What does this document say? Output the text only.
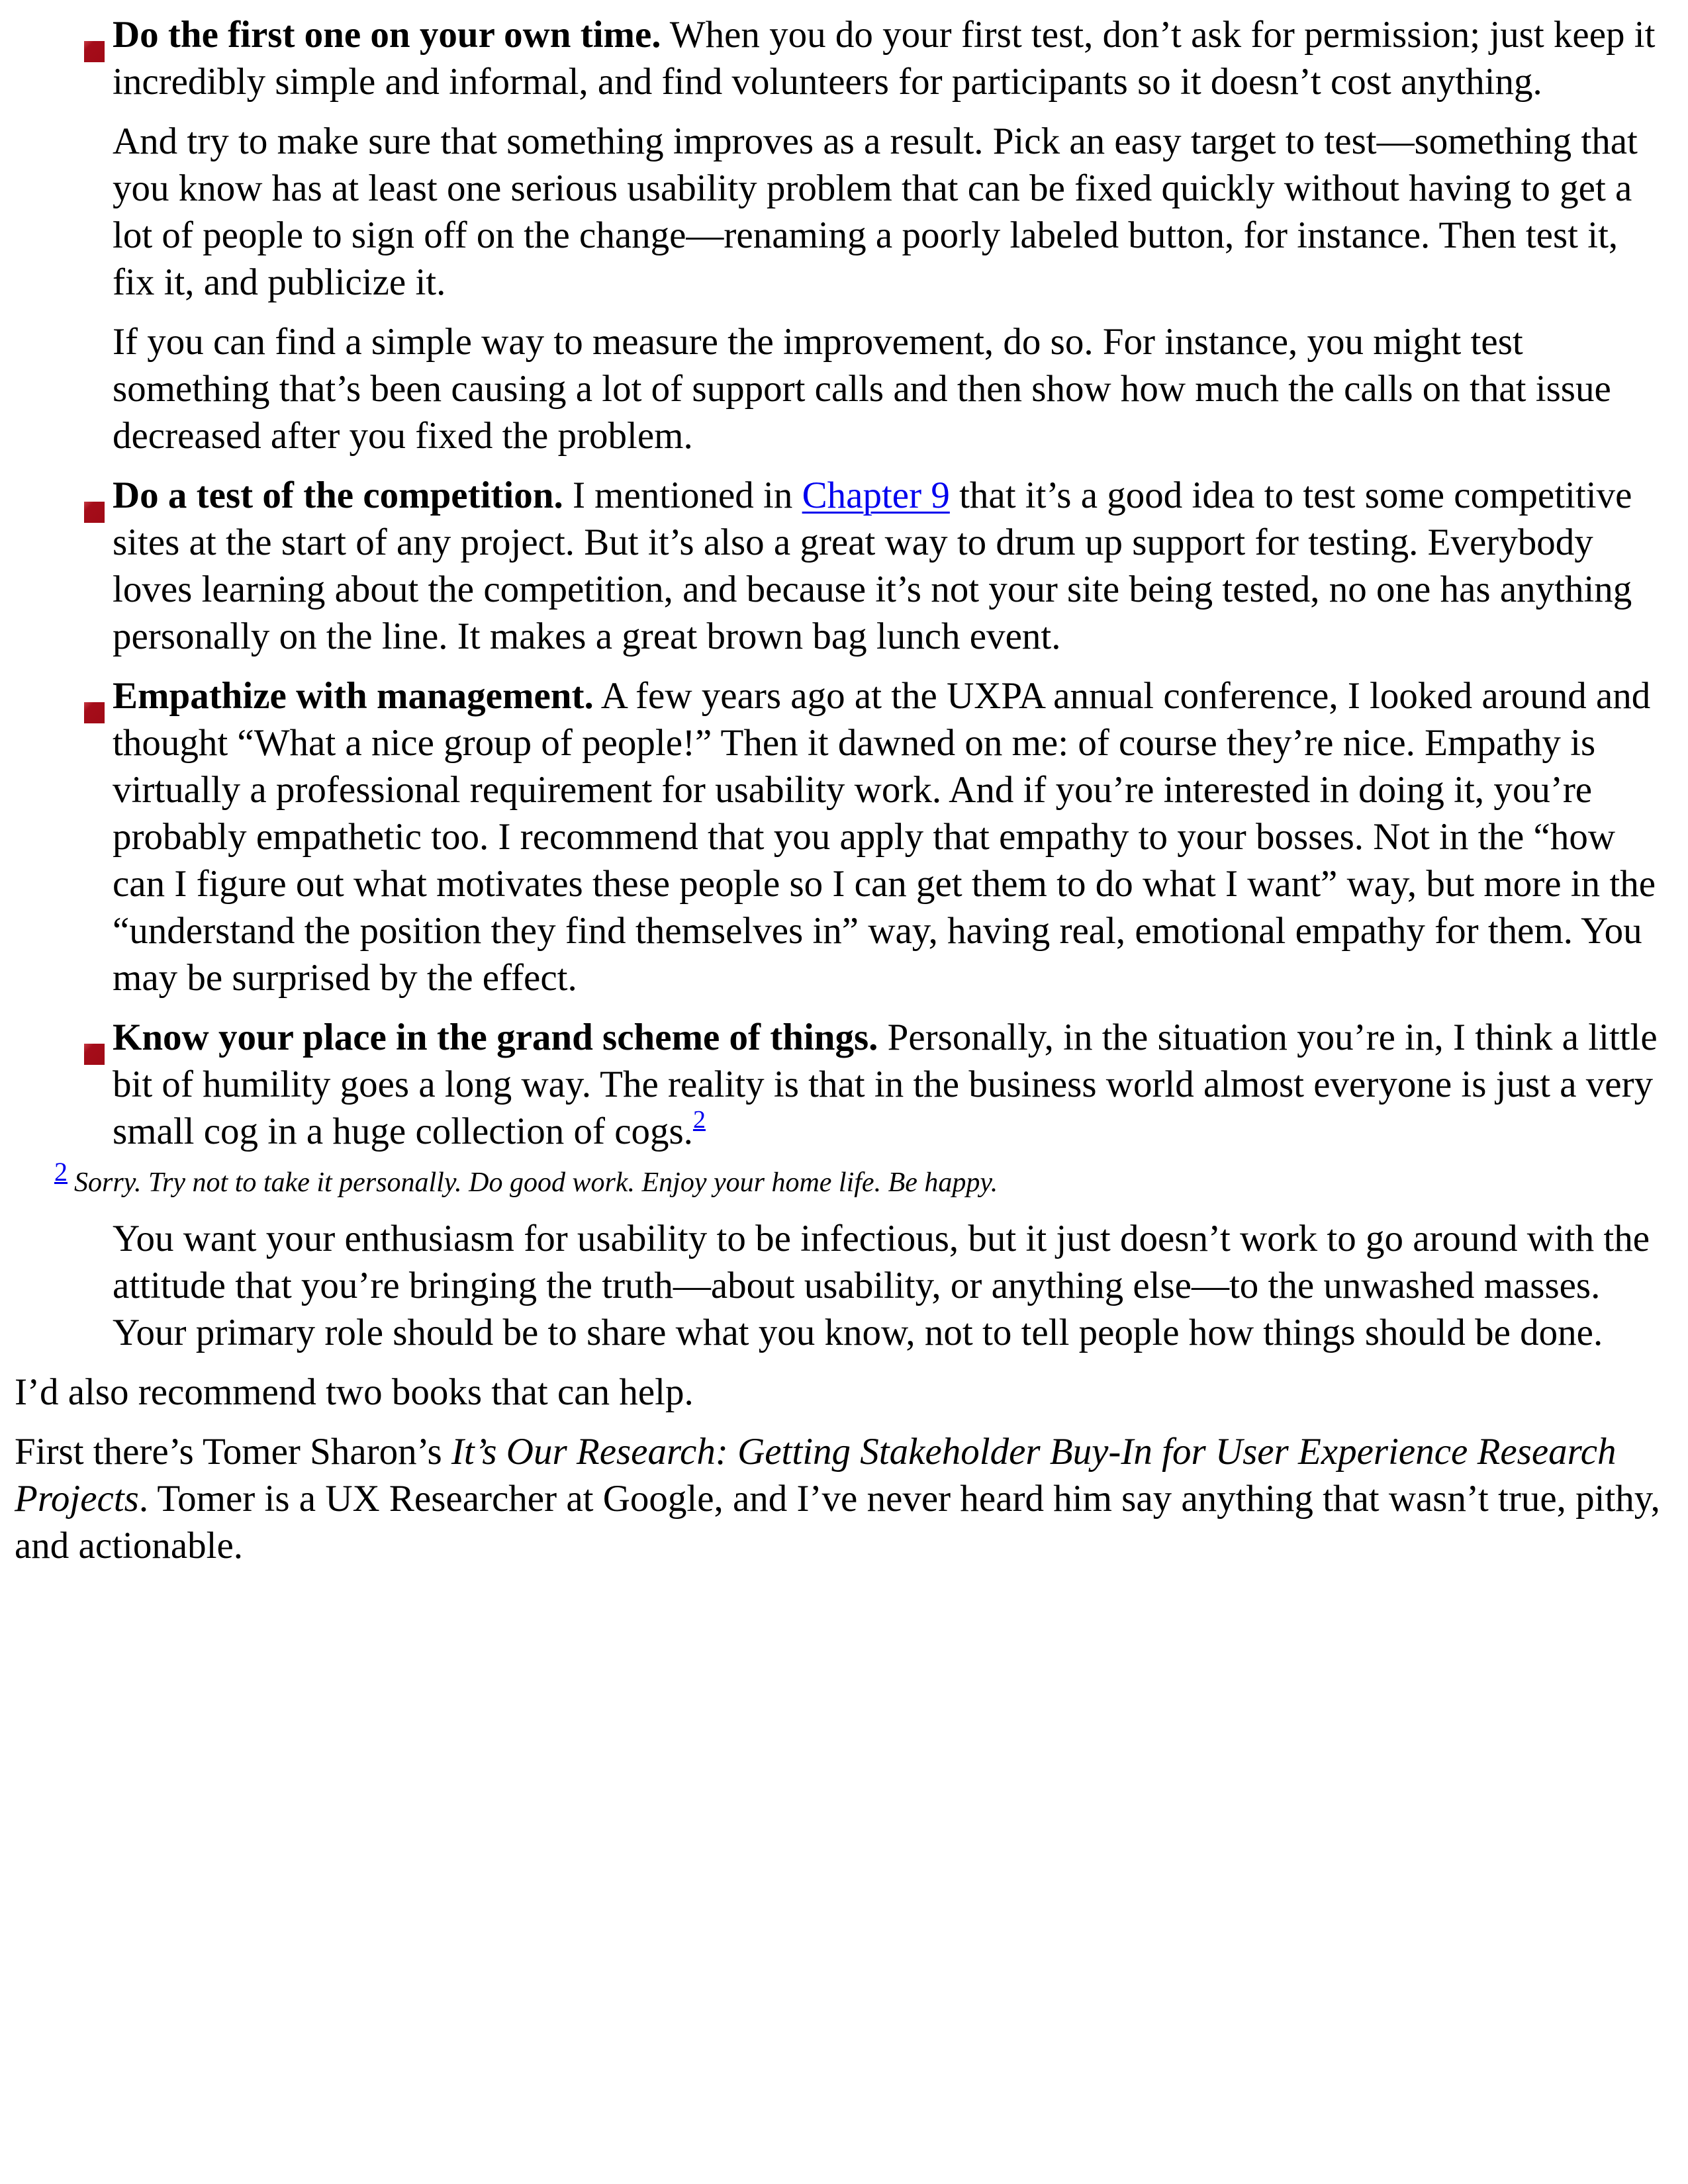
Do the first one on your own time. When you do your first test, don’t ask for permission; just keep it incredibly simple and informal, and find volunteers for participants so it doesn’t cost anything.

And try to make sure that something improves as a result. Pick an easy target to test—something that you know has at least one serious usability problem that can be fixed quickly without having to get a lot of people to sign off on the change—renaming a poorly labeled button, for instance. Then test it, fix it, and publicize it.

If you can find a simple way to measure the improvement, do so. For instance, you might test something that’s been causing a lot of support calls and then show how much the calls on that issue decreased after you fixed the problem.

Do a test of the competition. I mentioned in Chapter 9 that it’s a good idea to test some competitive sites at the start of any project. But it’s also a great way to drum up support for testing. Everybody loves learning about the competition, and because it’s not your site being tested, no one has anything personally on the line. It makes a great brown bag lunch event.

Empathize with management. A few years ago at the UXPA annual conference, I looked around and thought “What a nice group of people!” Then it dawned on me: of course they’re nice. Empathy is virtually a professional requirement for usability work. And if you’re interested in doing it, you’re probably empathetic too. I recommend that you apply that empathy to your bosses. Not in the “how can I figure out what motivates these people so I can get them to do what I want” way, but more in the “understand the position they find themselves in” way, having real, emotional empathy for them. You may be surprised by the effect.

Know your place in the grand scheme of things. Personally, in the situation you’re in, I think a little bit of humility goes a long way. The reality is that in the business world almost everyone is just a very small cog in a huge collection of cogs.$^2$

2 Sorry. Try not to take it personally. Do good work. Enjoy your home life. Be happy.

You want your enthusiasm for usability to be infectious, but it just doesn’t work to go around with the attitude that you’re bringing the truth—about usability, or anything else—to the unwashed masses. Your primary role should be to share what you know, not to tell people how things should be done.

I’d also recommend two books that can help.

First there’s Tomer Sharon’s It’s Our Research: Getting Stakeholder Buy-In for User Experience Research Projects. Tomer is a UX Researcher at Google, and I’ve never heard him say anything that wasn’t true, pithy, and actionable.
